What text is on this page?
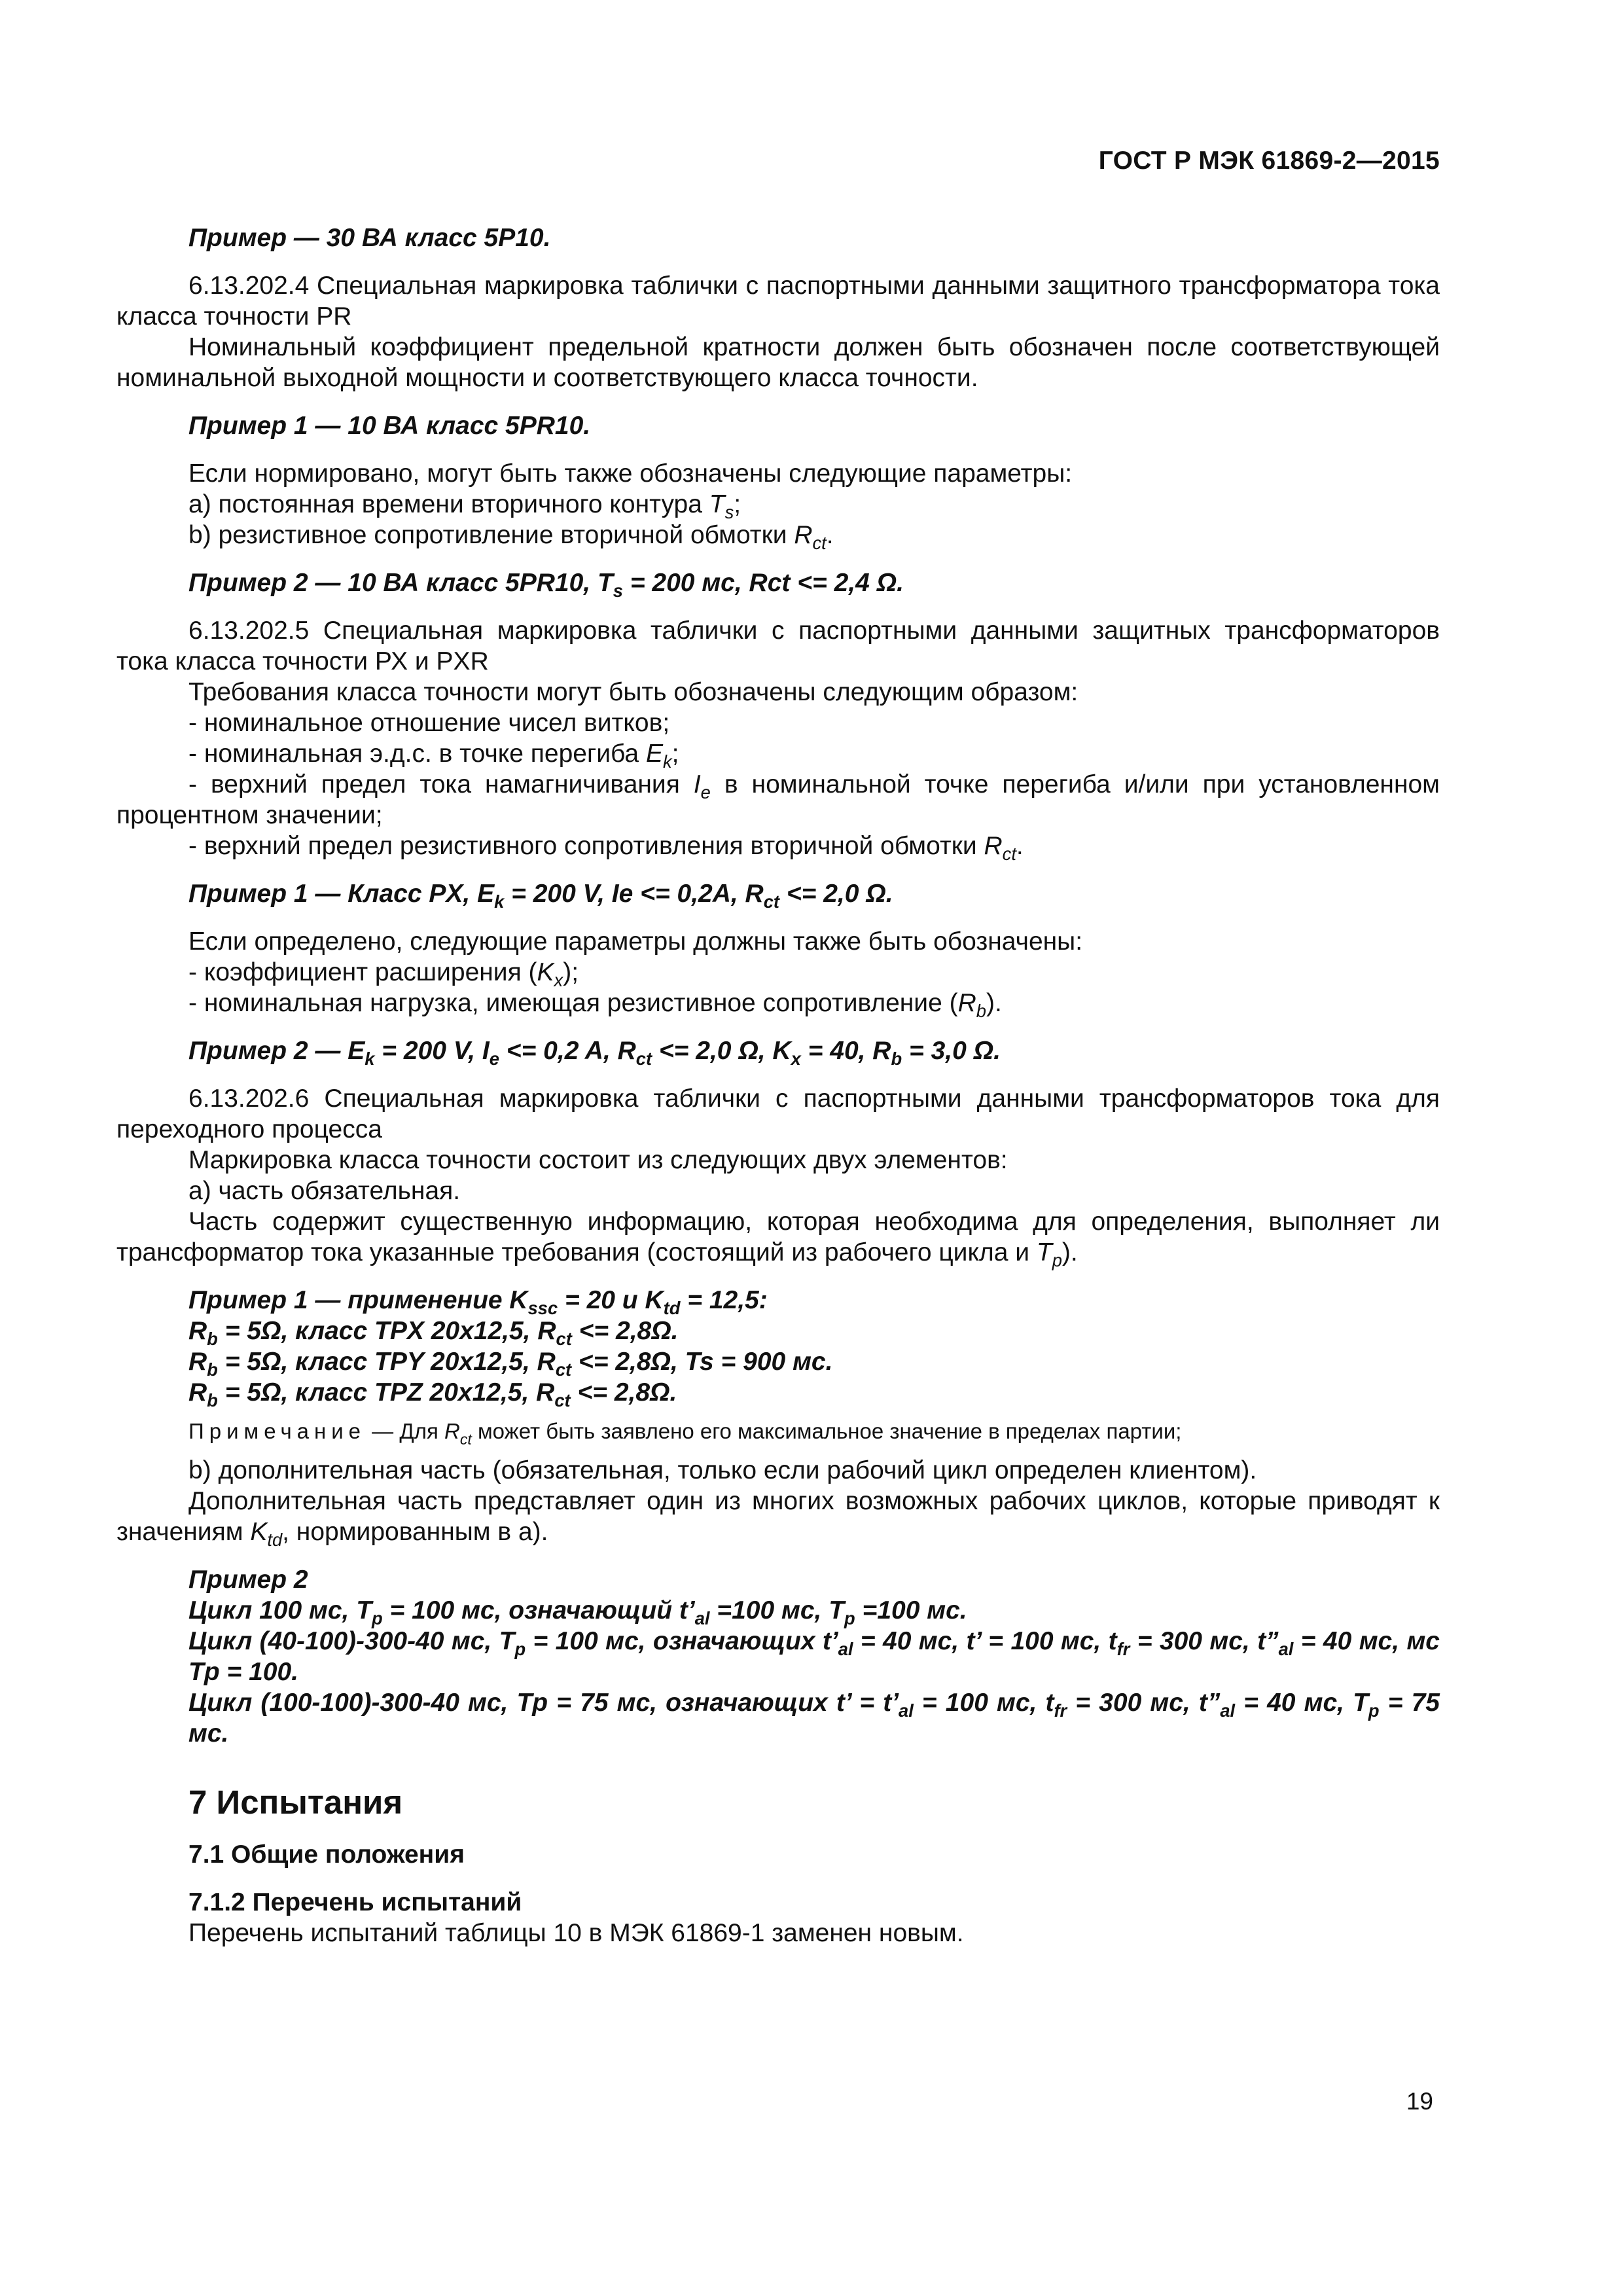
ГОСТ Р МЭК 61869-2—2015
Пример — 30 ВА класс 5Р10.
6.13.202.4 Специальная маркировка таблички с паспортными данными защитного трансформатора тока класса точности PR
Номинальный коэффициент предельной кратности должен быть обозначен после соответствующей номинальной выходной мощности и соответствующего класса точности.
Пример 1 — 10 ВА класс 5PR10.
Если нормировано, могут быть также обозначены следующие параметры:
а) постоянная времени вторичного контура $T_s$;
b) резистивное сопротивление вторичной обмотки $R_{ct}$.
Пример 2 — 10 ВА класс 5PR10, $T_s = 200$ мс, Rct <= 2,4 Ω.
6.13.202.5 Специальная маркировка таблички с паспортными данными защитных трансформаторов тока класса точности РХ и PXR
Требования класса точности могут быть обозначены следующим образом:
- номинальное отношение чисел витков;
- номинальная э.д.с. в точке перегиба $E_k$;
- верхний предел тока намагничивания $I_e$ в номинальной точке перегиба и/или при установленном процентном значении;
- верхний предел резистивного сопротивления вторичной обмотки $R_{ct}$.
Пример 1 — Класс PX, $E_k = 200$ V, Ie <= 0,2A, $R_{ct} <= 2,0$ Ω.
Если определено, следующие параметры должны также быть обозначены:
- коэффициент расширения $(K_x)$;
- номинальная нагрузка, имеющая резистивное сопротивление $(R_b)$.
Пример 2 — $E_k = 200$ V, $I_e <= 0,2$ A, $R_{ct} <= 2,0$ Ω, $K_x = 40$, $R_b = 3,0$ Ω.
6.13.202.6 Специальная маркировка таблички с паспортными данными трансформаторов тока для переходного процесса
Маркировка класса точности состоит из следующих двух элементов:
а) часть обязательная.
Часть содержит существенную информацию, которая необходима для определения, выполняет ли трансформатор тока указанные требования (состоящий из рабочего цикла и $T_p$).
Пример 1 — применение $K_{ssc} = 20$ и $K_{td} = 12,5$:
$R_b = 5\Omega$, класс TPX 20x12,5, $R_{ct} <= 2,8\Omega$.
$R_b = 5\Omega$, класс TPY 20x12,5, $R_{ct} <= 2,8\Omega$, Ts = 900 мс.
$R_b = 5\Omega$, класс TPZ 20x12,5, $R_{ct} <= 2,8\Omega$.
Примечание — Для $R_{ct}$ может быть заявлено его максимальное значение в пределах партии;
b) дополнительная часть (обязательная, только если рабочий цикл определен клиентом).
Дополнительная часть представляет один из многих возможных рабочих циклов, которые приводят к значениям $K_{td}$, нормированным в а).
Пример 2
Цикл 100 мс, $T_p = 100$ мс, означающий $t’_{al} =100$ мс, $T_p =100$ мс.
Цикл (40-100)-300-40 мс, $T_p = 100$ мс, означающих $t’_{al} = 40$ мс, t’ = 100 мс, $t_{fr} = 300$ мс, $t”_{al} = 40$ мс, мс Tp = 100.
Цикл (100-100)-300-40 мс, Tp = 75 мс, означающих t’ = $t’_{al} = 100$ мс, $t_{fr} = 300$ мс, $t”_{al} = 40$ мс, $T_p = 75$ мс.
7 Испытания
7.1 Общие положения
7.1.2 Перечень испытаний
Перечень испытаний таблицы 10 в МЭК 61869-1 заменен новым.
19
